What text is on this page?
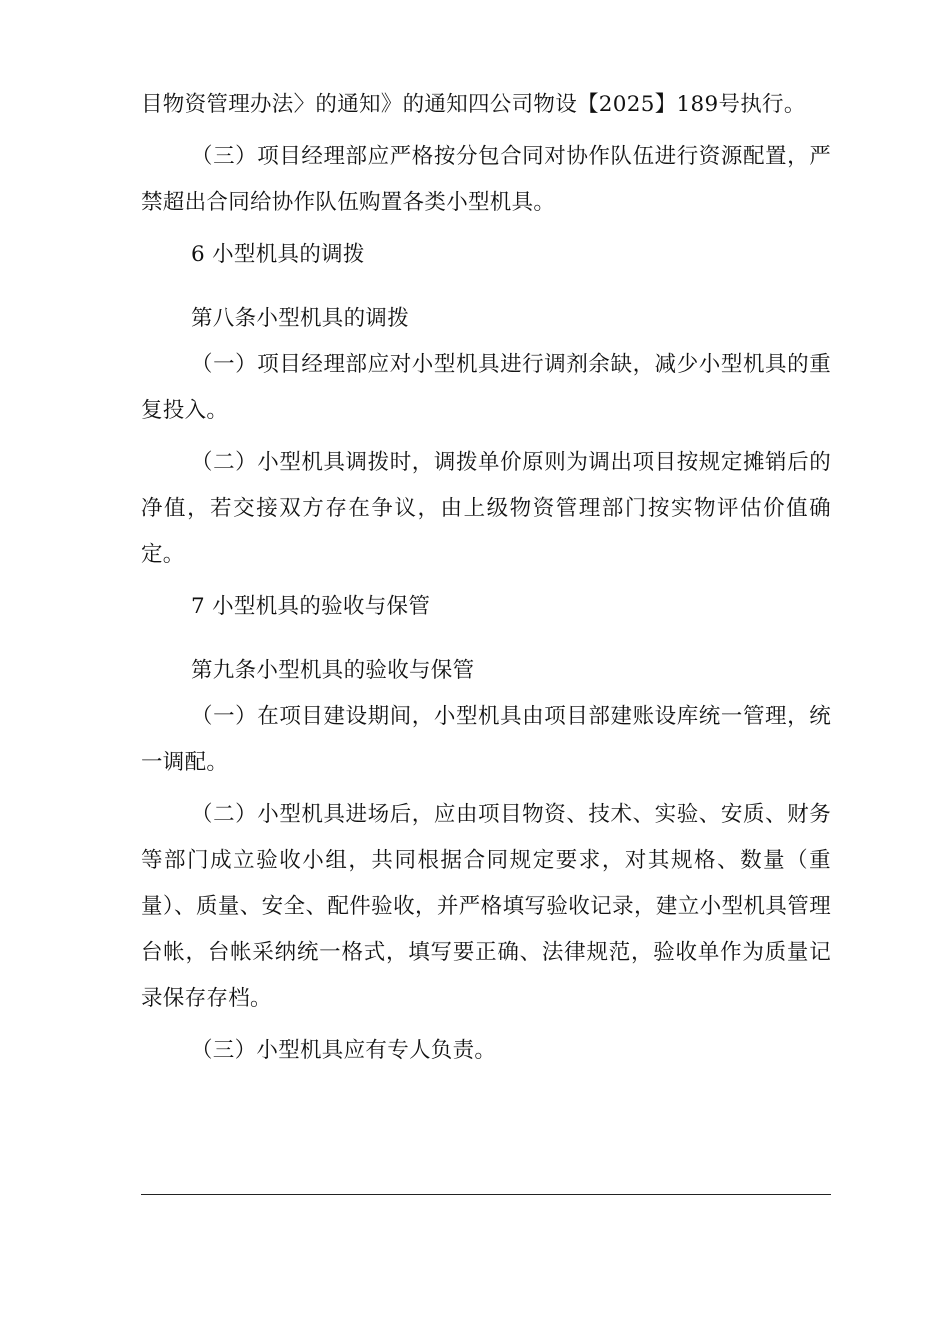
目物资管理办法〉的通知》的通知四公司物设【2025】189号执行。

（三）项目经理部应严格按分包合同对协作队伍进行资源配置，严禁超出合同给协作队伍购置各类小型机具。

6 小型机具的调拨

第八条小型机具的调拨

（一）项目经理部应对小型机具进行调剂余缺，减少小型机具的重复投入。

（二）小型机具调拨时，调拨单价原则为调出项目按规定摊销后的净值，若交接双方存在争议，由上级物资管理部门按实物评估价值确定。

7 小型机具的验收与保管

第九条小型机具的验收与保管

（一）在项目建设期间，小型机具由项目部建账设库统一管理，统一调配。

（二）小型机具进场后，应由项目物资、技术、实验、安质、财务等部门成立验收小组，共同根据合同规定要求，对其规格、数量（重量）、质量、安全、配件验收，并严格填写验收记录，建立小型机具管理台帐，台帐采纳统一格式，填写要正确、法律规范，验收单作为质量记录保存存档。

（三）小型机具应有专人负责。
